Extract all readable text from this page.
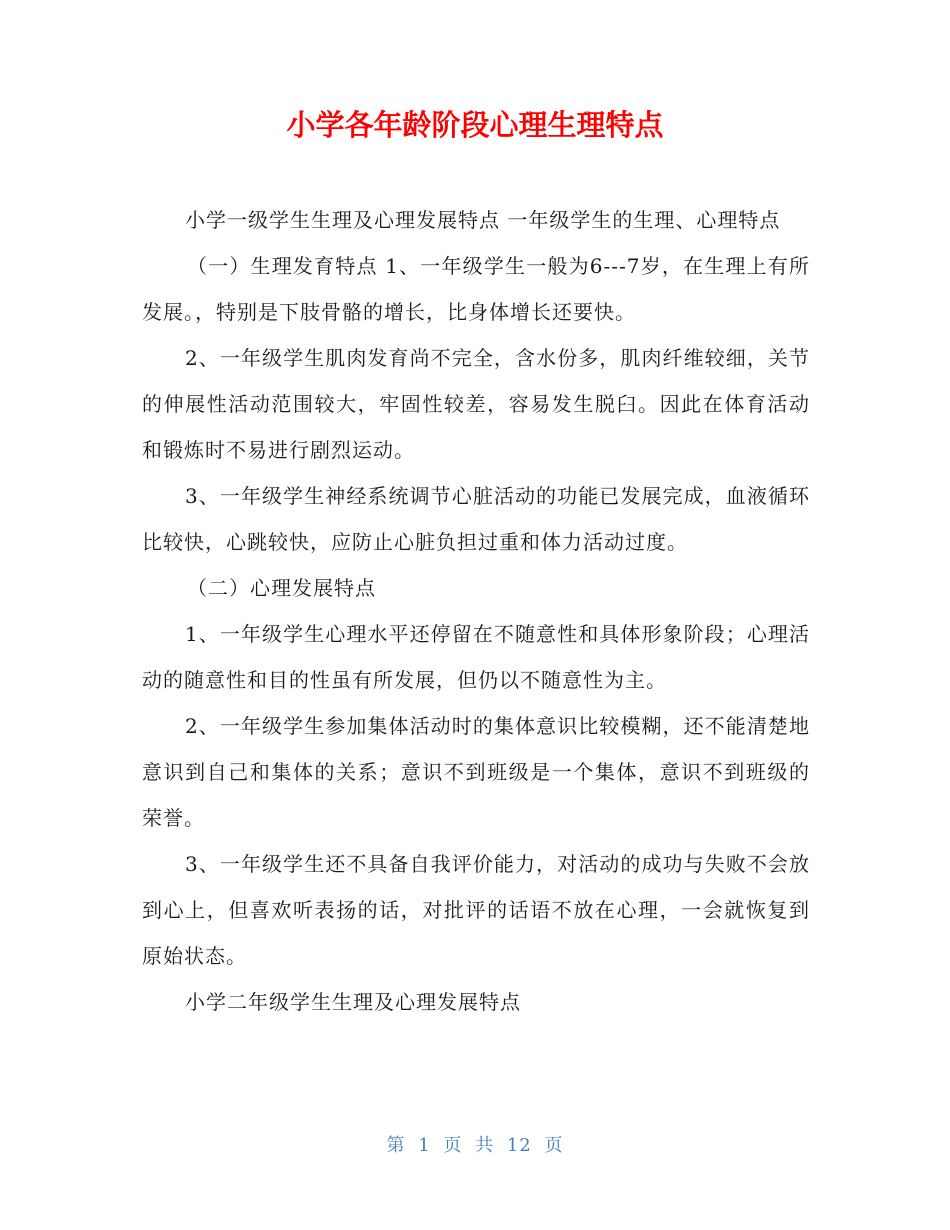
小学各年龄阶段心理生理特点

小学一级学生生理及心理发展特点 一年级学生的生理、心理特点

（一）生理发育特点 1、一年级学生一般为6---7岁，在生理上有所发展。，特别是下肢骨骼的增长，比身体增长还要快。

2、一年级学生肌肉发育尚不完全，含水份多，肌肉纤维较细，关节的伸展性活动范围较大，牢固性较差，容易发生脱臼。因此在体育活动和锻炼时不易进行剧烈运动。

3、一年级学生神经系统调节心脏活动的功能已发展完成，血液循环比较快，心跳较快，应防止心脏负担过重和体力活动过度。

（二）心理发展特点

1、一年级学生心理水平还停留在不随意性和具体形象阶段；心理活动的随意性和目的性虽有所发展，但仍以不随意性为主。

2、一年级学生参加集体活动时的集体意识比较模糊，还不能清楚地意识到自己和集体的关系；意识不到班级是一个集体，意识不到班级的荣誉。

3、一年级学生还不具备自我评价能力，对活动的成功与失败不会放到心上，但喜欢听表扬的话，对批评的话语不放在心理，一会就恢复到原始状态。

小学二年级学生生理及心理发展特点

第 1 页 共 12 页
